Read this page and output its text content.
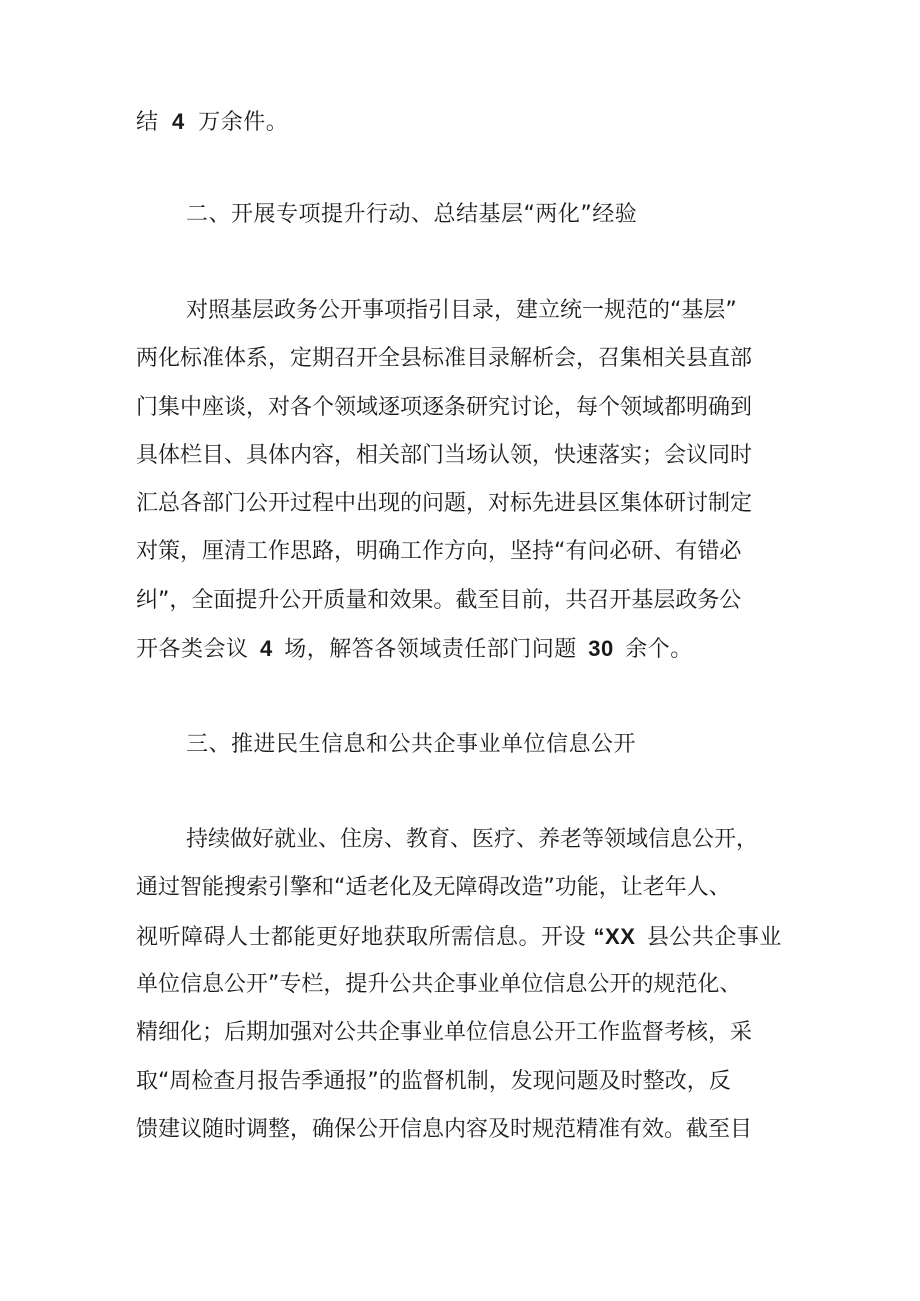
结 4 万余件。
二、开展专项提升行动、总结基层“两化”经验
对照基层政务公开事项指引目录，建立统一规范的“基层”
两化标准体系，定期召开全县标准目录解析会，召集相关县直部
门集中座谈，对各个领域逐项逐条研究讨论，每个领域都明确到
具体栏目、具体内容，相关部门当场认领，快速落实；会议同时
汇总各部门公开过程中出现的问题，对标先进县区集体研讨制定
对策，厘清工作思路，明确工作方向，坚持“有问必研、有错必
纠”，全面提升公开质量和效果。截至目前，共召开基层政务公
开各类会议 4 场，解答各领域责任部门问题 30 余个。
三、推进民生信息和公共企事业单位信息公开
持续做好就业、住房、教育、医疗、养老等领域信息公开，
通过智能搜索引擎和“适老化及无障碍改造”功能，让老年人、
视听障碍人士都能更好地获取所需信息。开设 “XX 县公共企事业
单位信息公开”专栏，提升公共企事业单位信息公开的规范化、
精细化；后期加强对公共企事业单位信息公开工作监督考核，采
取“周检查月报告季通报”的监督机制，发现问题及时整改，反
馈建议随时调整，确保公开信息内容及时规范精准有效。截至目
